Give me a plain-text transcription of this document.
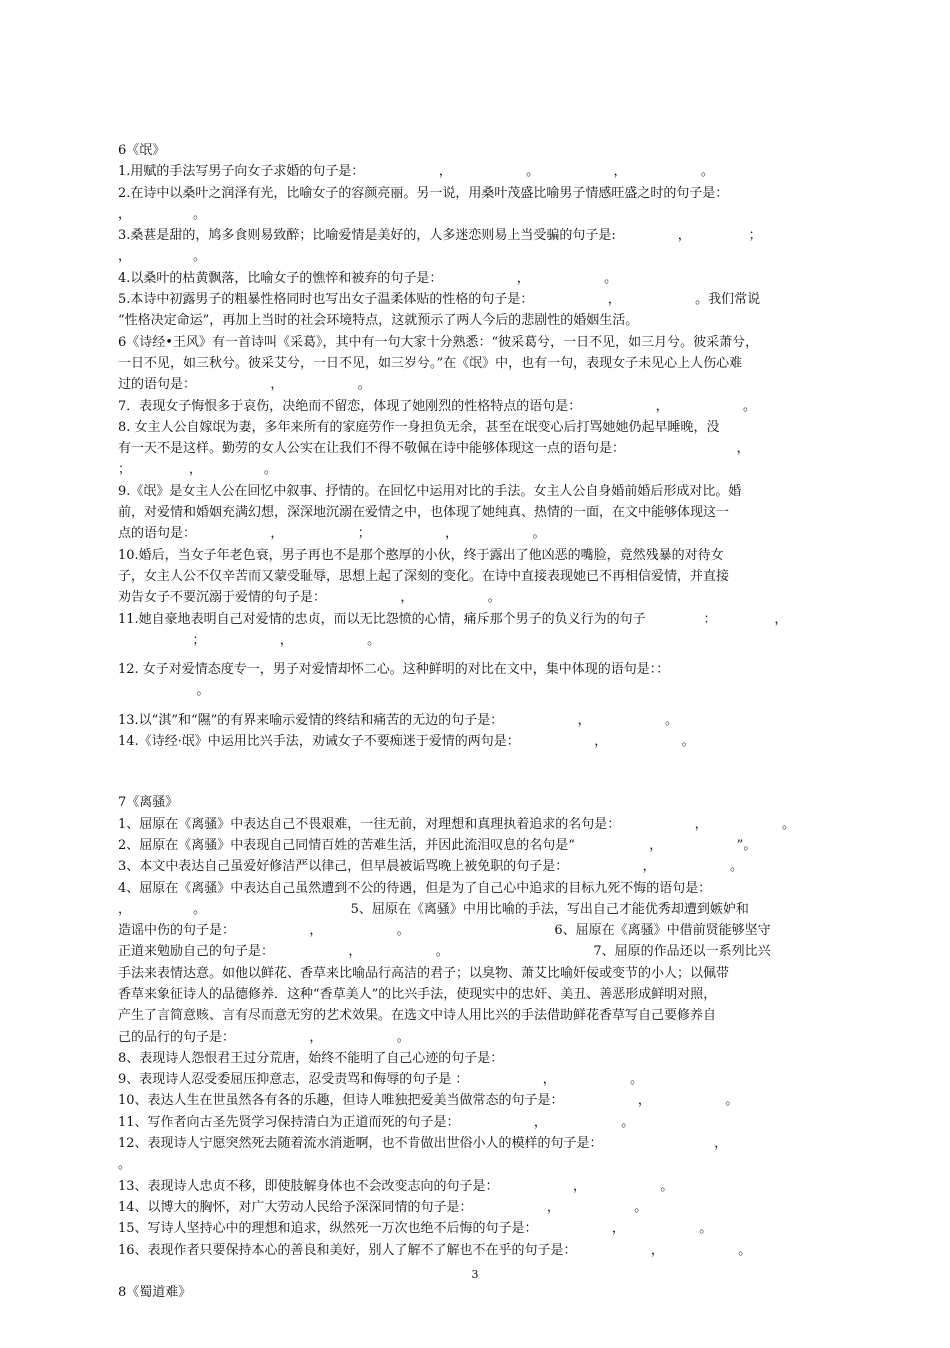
6《氓》
1.用赋的手法写男子向女子求婚的句子是：                  ，                  。                  ，                  。
2.在诗中以桑叶之润泽有光，比喻女子的容颜亮丽。另一说，用桑叶茂盛比喻男子情感旺盛之时的句子是：
，               。
3.桑葚是甜的，鸠多食则易致醉；比喻爱情是美好的，人多迷恋则易上当受骗的句子是:               ，              ；
，               。
4.以桑叶的枯黄飘落，比喻女子的憔悴和被弃的句子是：                  ，                  。
5.本诗中初露男子的粗暴性格同时也写出女子温柔体贴的性格的句子是：                  ，                  。我们常说
“性格决定命运”，再加上当时的社会环境特点，这就预示了两人今后的悲剧性的婚姻生活。
6《诗经•王风》有一首诗叫《采葛》，其中有一句大家十分熟悉：“彼采葛兮，一日不见，如三月兮。彼采萧兮，
一日不见，如三秋兮。彼采艾兮，一日不见，如三岁兮。”在《氓》中，也有一句，表现女子未见心上人伤心难
过的语句是：                  ，                  。
7．表现女子悔恨多于哀伤，决绝而不留恋，体现了她刚烈的性格特点的语句是：                  ，                  。
8. 女主人公自嫁氓为妻，多年来所有的家庭劳作一身担负无余，甚至在氓变心后打骂她她仍起早睡晚，没
有一天不是这样。勤劳的女人公实在让我们不得不敬佩在诗中能够体现这一点的语句是：                           ，
；              ，               。
9.《氓》是女主人公在回忆中叙事、抒情的。在回忆中运用对比的手法。女主人公自身婚前婚后形成对比。婚
前，对爱情和婚姻充满幻想，深深地沉溺在爱情之中，也体现了她纯真、热情的一面，在文中能够体现这一
点的语句是：                  ，                  ；                  ，                  。
10.婚后，当女子年老色衰，男子再也不是那个憨厚的小伙，终于露出了他凶恶的嘴脸，竟然残暴的对待女
子，女主人公不仅辛苦而又蒙受耻辱，思想上起了深刻的变化。在诗中直接表现她已不再相信爱情，并直接
劝告女子不要沉溺于爱情的句子是：                  ，                  。
11.她自豪地表明自己对爱情的忠贞，而以无比怨愤的心情，痛斥那个男子的负义行为的句子              ：              ，
；                  ，                  。
12. 女子对爱情态度专一，男子对爱情却怀二心。这种鲜明的对比在文中，集中体现的语句是：：
。
13.以“淇”和“隰”的有界来喻示爱情的终结和痛苦的无边的句子是：                  ，                  。
14.《诗经·氓》中运用比兴手法，劝诫女子不要痴迷于爱情的两句是：                  ，                  。
7《离骚》
1、屈原在《离骚》中表达自己不畏艰难，一往无前，对理想和真理执着追求的名句是：                  ，                  。
2、屈原在《离骚》中表现自己同情百姓的苦难生活，并因此流泪叹息的名句是“                  ，                  ”。
3、本文中表达自己虽爱好修洁严以律己，但早晨被诟骂晚上被免职的句子是：                  ，                  。
4、屈原在《离骚》中表达自己虽然遭到不公的待遇，但是为了自己心中追求的目标九死不悔的语句是：
，               。                                   5、屈原在《离骚》中用比喻的手法，写出自己才能优秀却遭到嫉妒和
造谣中伤的句子是：                  ，                  。                                   6、屈原在《离骚》中借前贤能够坚守
正道来勉励自己的句子是：                  ，                  。                                   7、屈原的作品还以一系列比兴
手法来表情达意。如他以鲜花、香草来比喻品行高洁的君子；以臭物、萧艾比喻奸佞或变节的小人；以佩带
香草来象征诗人的品德修养．这种“香草美人”的比兴手法，使现实中的忠奸、美丑、善恶形成鲜明对照，
产生了言简意赅、言有尽而意无穷的艺术效果。在选文中诗人用比兴的手法借助鲜花香草写自己要修养自
己的品行的句子是：                  ，                  。
8、表现诗人怨恨君王过分荒唐，始终不能明了自己心迹的句子是：
9、表现诗人忍受委屈压抑意志，忍受责骂和侮辱的句子是 ：                  ，                  。
10、表达人生在世虽然各有各的乐趣，但诗人唯独把爱美当做常态的句子是：                  ，                  。
11、写作者向古圣先贤学习保持清白为正道而死的句子是：                  ，                  。
12、表现诗人宁愿突然死去随着流水消逝啊，也不肯做出世俗小人的模样的句子是：                           ，
。
13、表现诗人忠贞不移，即使肢解身体也不会改变志向的句子是：                  ，                  。
14、以博大的胸怀，对广大劳动人民给予深深同情的句子是：                  ，                  。
15、写诗人坚持心中的理想和追求，纵然死一万次也绝不后悔的句子是：                  ，                  。
16、表现作者只要保持本心的善良和美好，别人了解不了解也不在乎的句子是：                  ，                  。
8《蜀道难》
3
